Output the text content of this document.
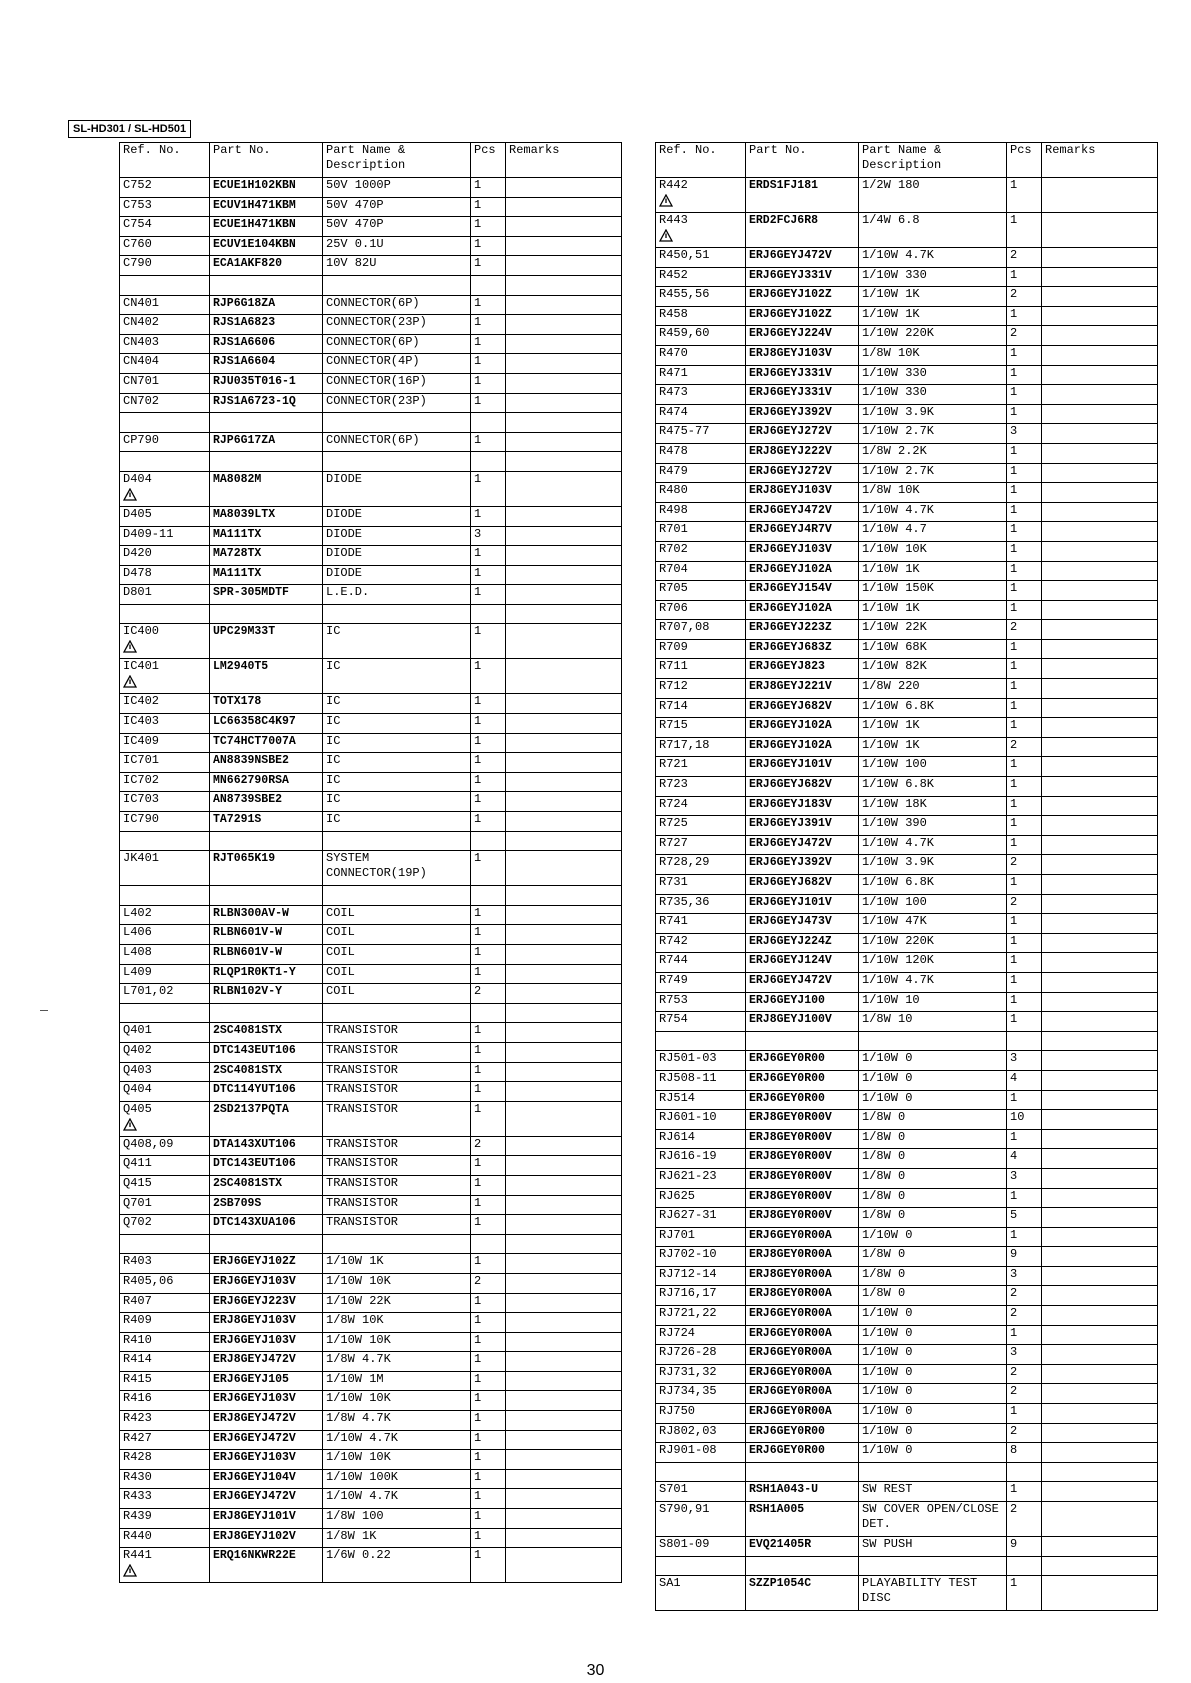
SL-HD301 / SL-HD501
Ref. No.	Part No.	Part Name & Description	Pcs	Remarks
C752	ECUE1H102KBN	50V 1000P	1	
C753	ECUV1H471KBM	50V 470P	1	
C754	ECUE1H471KBN	50V 470P	1	
C760	ECUV1E104KBN	25V 0.1U	1	
C790	ECA1AKF820	10V 82U	1	

CN401	RJP6G18ZA	CONNECTOR(6P)	1	
CN402	RJS1A6823	CONNECTOR(23P)	1	
CN403	RJS1A6606	CONNECTOR(6P)	1	
CN404	RJS1A6604	CONNECTOR(4P)	1	
CN701	RJU035T016-1	CONNECTOR(16P)	1	
CN702	RJS1A6723-1Q	CONNECTOR(23P)	1	

CP790	RJP6G17ZA	CONNECTOR(6P)	1	

D404	MA8082M	DIODE	1	
D405	MA8039LTX	DIODE	1	
D409-11	MA111TX	DIODE	3	
D420	MA728TX	DIODE	1	
D478	MA111TX	DIODE	1	
D801	SPR-305MDTF	L.E.D.	1	

IC400	UPC29M33T	IC	1	
IC401	LM2940T5	IC	1	
IC402	TOTX178	IC	1	
IC403	LC66358C4K97	IC	1	
IC409	TC74HCT7007A	IC	1	
IC701	AN8839NSBE2	IC	1	
IC702	MN662790RSA	IC	1	
IC703	AN8739SBE2	IC	1	
IC790	TA7291S	IC	1	

JK401	RJT065K19	SYSTEM CONNECTOR(19P)	1	

L402	RLBN300AV-W	COIL	1	
L406	RLBN601V-W	COIL	1	
L408	RLBN601V-W	COIL	1	
L409	RLQP1R0KT1-Y	COIL	1	
L701,02	RLBN102V-Y	COIL	2	

Q401	2SC4081STX	TRANSISTOR	1	
Q402	DTC143EUT106	TRANSISTOR	1	
Q403	2SC4081STX	TRANSISTOR	1	
Q404	DTC114YUT106	TRANSISTOR	1	
Q405	2SD2137PQTA	TRANSISTOR	1	
Q408,09	DTA143XUT106	TRANSISTOR	2	
Q411	DTC143EUT106	TRANSISTOR	1	
Q415	2SC4081STX	TRANSISTOR	1	
Q701	2SB709S	TRANSISTOR	1	
Q702	DTC143XUA106	TRANSISTOR	1	

R403	ERJ6GEYJ102Z	1/10W 1K	1	
R405,06	ERJ6GEYJ103V	1/10W 10K	2	
R407	ERJ6GEYJ223V	1/10W 22K	1	
R409	ERJ8GEYJ103V	1/8W 10K	1	
R410	ERJ6GEYJ103V	1/10W 10K	1	
R414	ERJ8GEYJ472V	1/8W 4.7K	1	
R415	ERJ6GEYJ105	1/10W 1M	1	
R416	ERJ6GEYJ103V	1/10W 10K	1	
R423	ERJ8GEYJ472V	1/8W 4.7K	1	
R427	ERJ6GEYJ472V	1/10W 4.7K	1	
R428	ERJ6GEYJ103V	1/10W 10K	1	
R430	ERJ6GEYJ104V	1/10W 100K	1	
R433	ERJ6GEYJ472V	1/10W 4.7K	1	
R439	ERJ8GEYJ101V	1/8W 100	1	
R440	ERJ8GEYJ102V	1/8W 1K	1	
R441	ERQ16NKWR22E	1/6W 0.22	1	
Ref. No.	Part No.	Part Name & Description	Pcs	Remarks
R442	ERDS1FJ181	1/2W 180	1	
R443	ERD2FCJ6R8	1/4W 6.8	1	
R450,51	ERJ6GEYJ472V	1/10W 4.7K	2	
R452	ERJ6GEYJ331V	1/10W 330	1	
R455,56	ERJ6GEYJ102Z	1/10W 1K	2	
R458	ERJ6GEYJ102Z	1/10W 1K	1	
R459,60	ERJ6GEYJ224V	1/10W 220K	2	
R470	ERJ8GEYJ103V	1/8W 10K	1	
R471	ERJ6GEYJ331V	1/10W 330	1	
R473	ERJ6GEYJ331V	1/10W 330	1	
R474	ERJ6GEYJ392V	1/10W 3.9K	1	
R475-77	ERJ6GEYJ272V	1/10W 2.7K	3	
R478	ERJ8GEYJ222V	1/8W 2.2K	1	
R479	ERJ6GEYJ272V	1/10W 2.7K	1	
R480	ERJ8GEYJ103V	1/8W 10K	1	
R498	ERJ6GEYJ472V	1/10W 4.7K	1	
R701	ERJ6GEYJ4R7V	1/10W 4.7	1	
R702	ERJ6GEYJ103V	1/10W 10K	1	
R704	ERJ6GEYJ102A	1/10W 1K	1	
R705	ERJ6GEYJ154V	1/10W 150K	1	
R706	ERJ6GEYJ102A	1/10W 1K	1	
R707,08	ERJ6GEYJ223Z	1/10W 22K	2	
R709	ERJ6GEYJ683Z	1/10W 68K	1	
R711	ERJ6GEYJ823	1/10W 82K	1	
R712	ERJ8GEYJ221V	1/8W 220	1	
R714	ERJ6GEYJ682V	1/10W 6.8K	1	
R715	ERJ6GEYJ102A	1/10W 1K	1	
R717,18	ERJ6GEYJ102A	1/10W 1K	2	
R721	ERJ6GEYJ101V	1/10W 100	1	
R723	ERJ6GEYJ682V	1/10W 6.8K	1	
R724	ERJ6GEYJ183V	1/10W 18K	1	
R725	ERJ6GEYJ391V	1/10W 390	1	
R727	ERJ6GEYJ472V	1/10W 4.7K	1	
R728,29	ERJ6GEYJ392V	1/10W 3.9K	2	
R731	ERJ6GEYJ682V	1/10W 6.8K	1	
R735,36	ERJ6GEYJ101V	1/10W 100	2	
R741	ERJ6GEYJ473V	1/10W 47K	1	
R742	ERJ6GEYJ224Z	1/10W 220K	1	
R744	ERJ6GEYJ124V	1/10W 120K	1	
R749	ERJ6GEYJ472V	1/10W 4.7K	1	
R753	ERJ6GEYJ100	1/10W 10	1	
R754	ERJ8GEYJ100V	1/8W 10	1	

RJ501-03	ERJ6GEY0R00	1/10W 0	3	
RJ508-11	ERJ6GEY0R00	1/10W 0	4	
RJ514	ERJ6GEY0R00	1/10W 0	1	
RJ601-10	ERJ8GEY0R00V	1/8W 0	10	
RJ614	ERJ8GEY0R00V	1/8W 0	1	
RJ616-19	ERJ8GEY0R00V	1/8W 0	4	
RJ621-23	ERJ8GEY0R00V	1/8W 0	3	
RJ625	ERJ8GEY0R00V	1/8W 0	1	
RJ627-31	ERJ8GEY0R00V	1/8W 0	5	
RJ701	ERJ6GEY0R00A	1/10W 0	1	
RJ702-10	ERJ8GEY0R00A	1/8W 0	9	
RJ712-14	ERJ8GEY0R00A	1/8W 0	3	
RJ716,17	ERJ8GEY0R00A	1/8W 0	2	
RJ721,22	ERJ6GEY0R00A	1/10W 0	2	
RJ724	ERJ6GEY0R00A	1/10W 0	1	
RJ726-28	ERJ6GEY0R00A	1/10W 0	3	
RJ731,32	ERJ6GEY0R00A	1/10W 0	2	
RJ734,35	ERJ6GEY0R00A	1/10W 0	2	
RJ750	ERJ6GEY0R00A	1/10W 0	1	
RJ802,03	ERJ6GEY0R00	1/10W 0	2	
RJ901-08	ERJ6GEY0R00	1/10W 0	8	

S701	RSH1A043-U	SW REST	1	
S790,91	RSH1A005	SW COVER OPEN/CLOSE DET.	2	
S801-09	EVQ21405R	SW PUSH	9	

SA1	SZZP1054C	PLAYABILITY TEST DISC	1	
30
